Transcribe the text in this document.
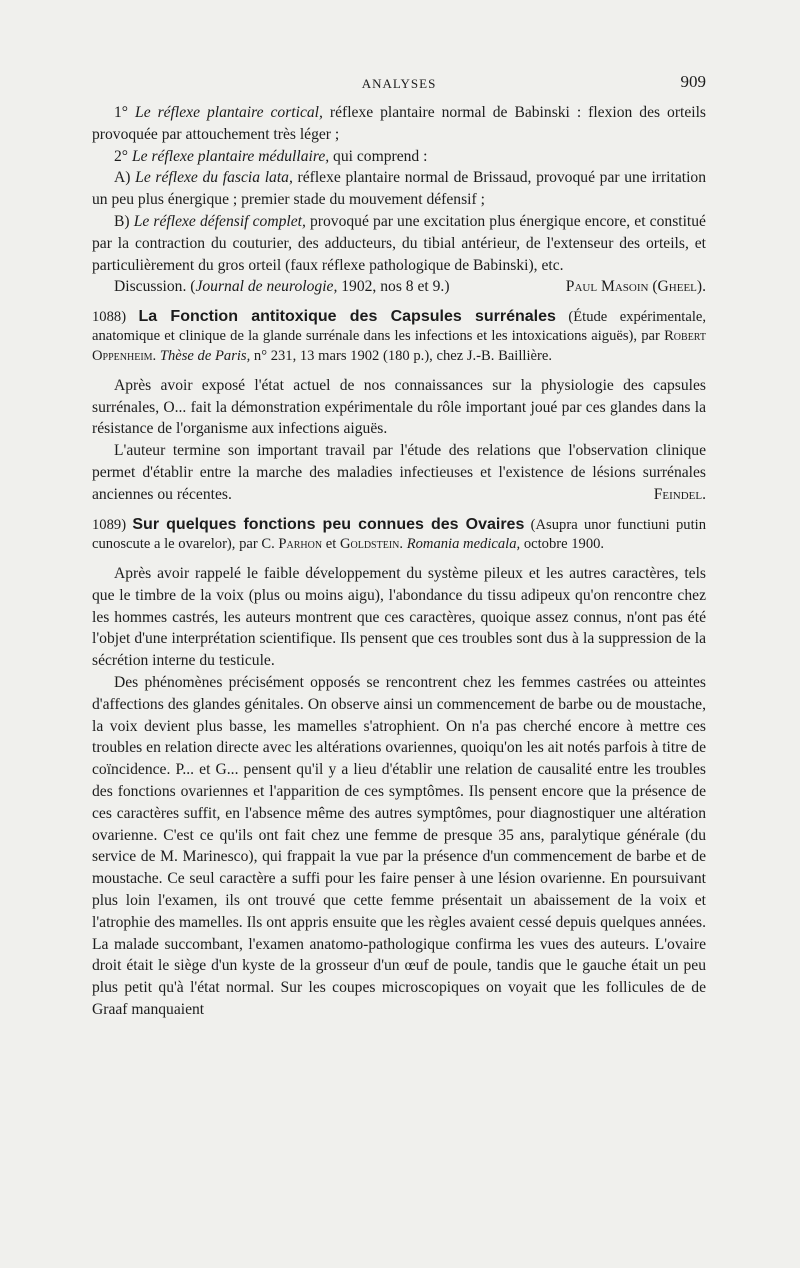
ANALYSES	909

1° Le réflexe plantaire cortical, réflexe plantaire normal de Babinski : flexion des orteils provoquée par attouchement très léger ;

2° Le réflexe plantaire médullaire, qui comprend :

A) Le réflexe du fascia lata, réflexe plantaire normal de Brissaud, provoqué par une irritation un peu plus énergique ; premier stade du mouvement défensif ;

B) Le réflexe défensif complet, provoqué par une excitation plus énergique encore, et constitué par la contraction du couturier, des adducteurs, du tibial antérieur, de l'extenseur des orteils, et particulièrement du gros orteil (faux réflexe pathologique de Babinski), etc.

Discussion. (Journal de neurologie, 1902, nos 8 et 9.)	Paul Masoin (Gheel).

1088) La Fonction antitoxique des Capsules surrénales (Étude expérimentale, anatomique et clinique de la glande surrénale dans les infections et les intoxications aiguës), par Robert Oppenheim. Thèse de Paris, n° 231, 13 mars 1902 (180 p.), chez J.-B. Baillière.

Après avoir exposé l'état actuel de nos connaissances sur la physiologie des capsules surrénales, O... fait la démonstration expérimentale du rôle important joué par ces glandes dans la résistance de l'organisme aux infections aiguës.

L'auteur termine son important travail par l'étude des relations que l'observation clinique permet d'établir entre la marche des maladies infectieuses et l'existence de lésions surrénales anciennes ou récentes.	Feindel.

1089) Sur quelques fonctions peu connues des Ovaires (Asupra unor functiuni putin cunoscute a le ovarelor), par C. Parhon et Goldstein. Romania medicala, octobre 1900.

Après avoir rappelé le faible développement du système pileux et les autres caractères, tels que le timbre de la voix (plus ou moins aigu), l'abondance du tissu adipeux qu'on rencontre chez les hommes castrés, les auteurs montrent que ces caractères, quoique assez connus, n'ont pas été l'objet d'une interprétation scientifique. Ils pensent que ces troubles sont dus à la suppression de la sécrétion interne du testicule.

Des phénomènes précisément opposés se rencontrent chez les femmes castrées ou atteintes d'affections des glandes génitales. On observe ainsi un commencement de barbe ou de moustache, la voix devient plus basse, les mamelles s'atrophient. On n'a pas cherché encore à mettre ces troubles en relation directe avec les altérations ovariennes, quoiqu'on les ait notés parfois à titre de coïncidence. P... et G... pensent qu'il y a lieu d'établir une relation de causalité entre les troubles des fonctions ovariennes et l'apparition de ces symptômes. Ils pensent encore que la présence de ces caractères suffit, en l'absence même des autres symptômes, pour diagnostiquer une altération ovarienne. C'est ce qu'ils ont fait chez une femme de presque 35 ans, paralytique générale (du service de M. Marinesco), qui frappait la vue par la présence d'un commencement de barbe et de moustache. Ce seul caractère a suffi pour les faire penser à une lésion ovarienne. En poursuivant plus loin l'examen, ils ont trouvé que cette femme présentait un abaissement de la voix et l'atrophie des mamelles. Ils ont appris ensuite que les règles avaient cessé depuis quelques années. La malade succombant, l'examen anatomo-pathologique confirma les vues des auteurs. L'ovaire droit était le siège d'un kyste de la grosseur d'un œuf de poule, tandis que le gauche était un peu plus petit qu'à l'état normal. Sur les coupes microscopiques on voyait que les follicules de de Graaf manquaient
